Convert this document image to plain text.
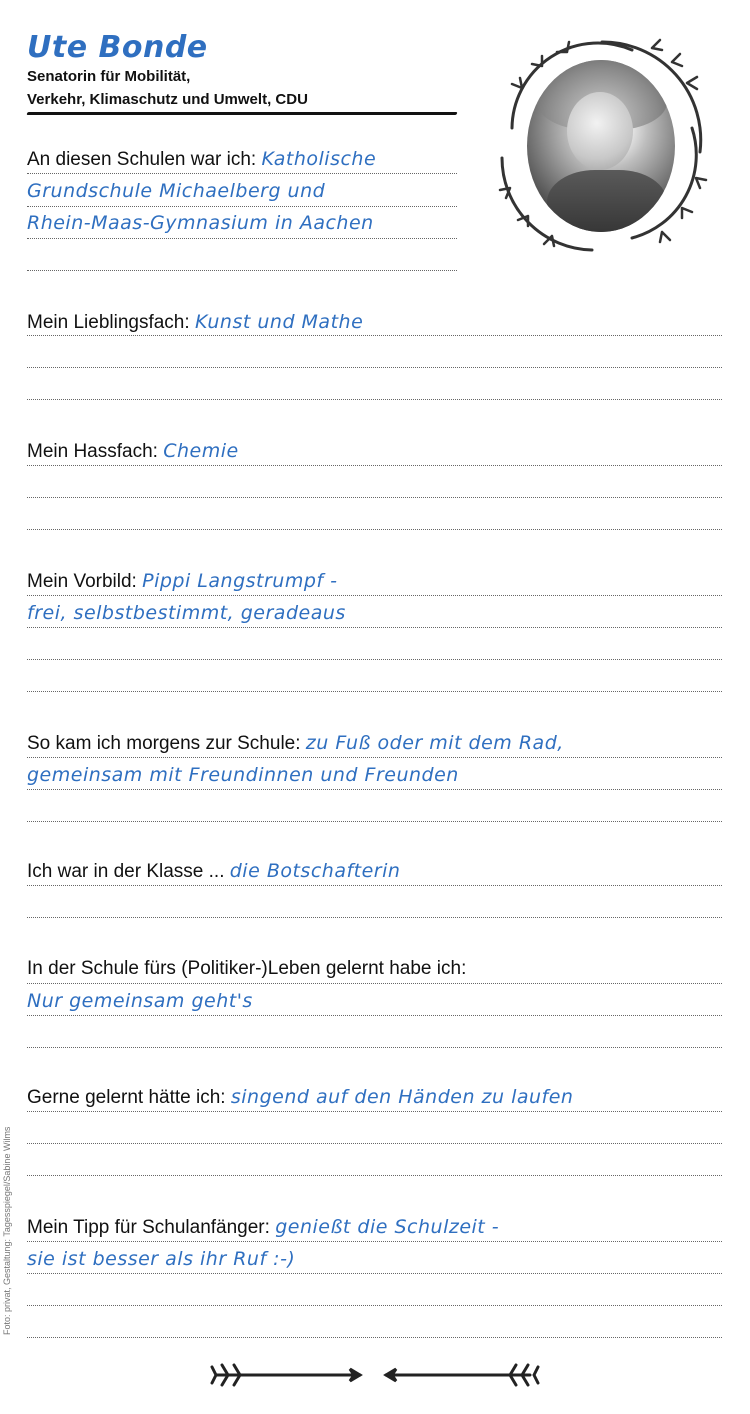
Ute Bonde
Senatorin für Mobilität,
Verkehr, Klimaschutz und Umwelt, CDU
An diesen Schulen war ich: Katholische
Grundschule Michaelberg und
Rhein-Maas-Gymnasium in Aachen
Mein Lieblingsfach: Kunst und Mathe
Mein Hassfach: Chemie
Mein Vorbild: Pippi Langstrumpf -
frei, selbstbestimmt, geradeaus
So kam ich morgens zur Schule: zu Fuß oder mit dem Rad,
gemeinsam mit Freundinnen und Freunden
Ich war in der Klasse ... die Botschafterin
In der Schule fürs (Politiker-)Leben gelernt habe ich:
Nur gemeinsam geht's
Gerne gelernt hätte ich: singend auf den Händen zu laufen
Mein Tipp für Schulanfänger: genießt die Schulzeit -
sie ist besser als ihr Ruf :-)
Foto: privat, Gestaltung: Tagesspiegel/Sabine Wilms
